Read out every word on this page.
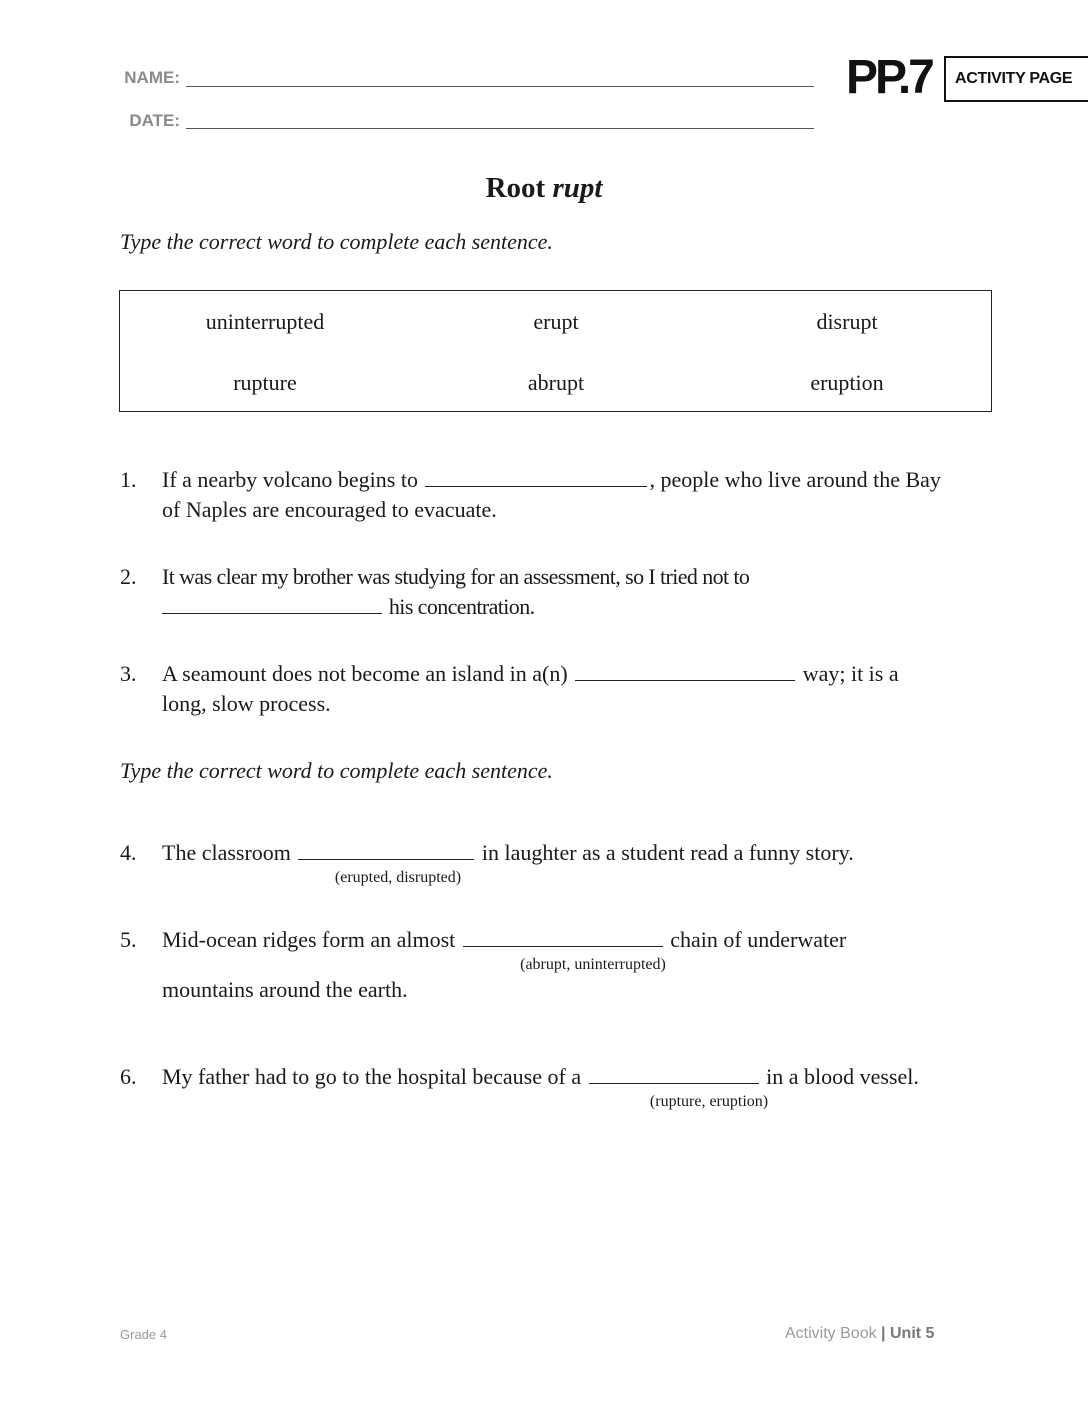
NAME:
DATE:
PP.7	ACTIVITY PAGE
Root rupt
Type the correct word to complete each sentence.
uninterrupted	erupt	disrupt
rupture	abrupt	eruption
1. If a nearby volcano begins to	, people who live around the Bay
of Naples are encouraged to evacuate.
2. It was clear my brother was studying for an assessment, so I tried not to
his concentration.
3. A seamount does not become an island in a(n)	way; it is a
long, slow process.
Type the correct word to complete each sentence.
4. The classroom	in laughter as a student read a funny story.
(erupted, disrupted)
5. Mid-ocean ridges form an almost	chain of underwater
(abrupt, uninterrupted)
mountains around the earth.
6. My father had to go to the hospital because of a	in a blood vessel.
(rupture, eruption)
Grade 4	Activity Book | Unit 5
